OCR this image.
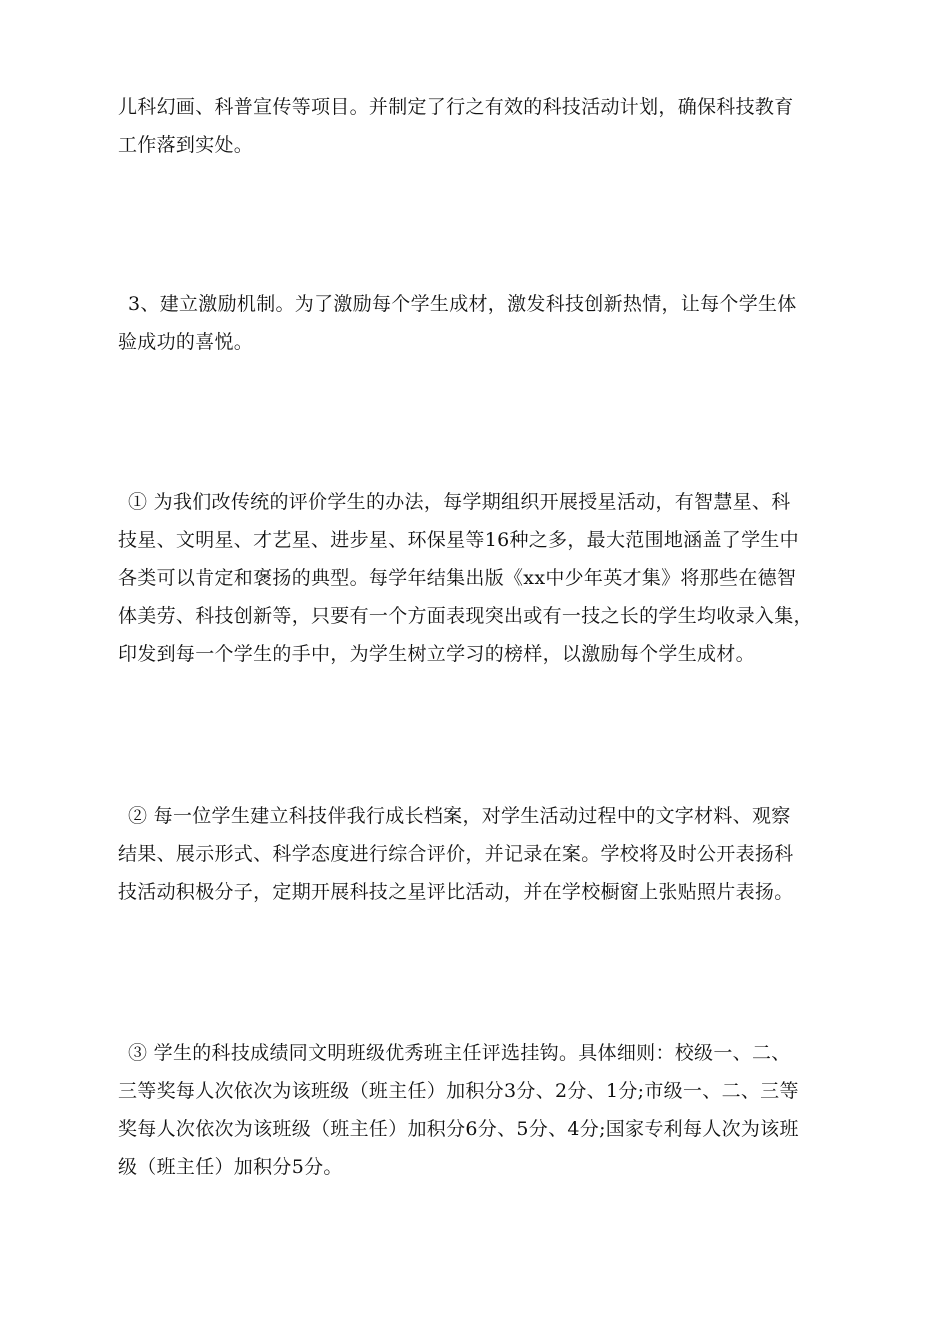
儿科幻画、科普宣传等项目。并制定了行之有效的科技活动计划，确保科技教育
工作落到实处。

3、建立激励机制。为了激励每个学生成材，激发科技创新热情，让每个学生体
验成功的喜悦。

① 为我们改传统的评价学生的办法，每学期组织开展授星活动，有智慧星、科
技星、文明星、才艺星、进步星、环保星等16种之多，最大范围地涵盖了学生中
各类可以肯定和褒扬的典型。每学年结集出版《xx中少年英才集》将那些在德智
体美劳、科技创新等，只要有一个方面表现突出或有一技之长的学生均收录入集，
印发到每一个学生的手中，为学生树立学习的榜样，以激励每个学生成材。

② 每一位学生建立科技伴我行成长档案，对学生活动过程中的文字材料、观察
结果、展示形式、科学态度进行综合评价，并记录在案。学校将及时公开表扬科
技活动积极分子，定期开展科技之星评比活动，并在学校橱窗上张贴照片表扬。

③ 学生的科技成绩同文明班级优秀班主任评选挂钩。具体细则：校级一、二、
三等奖每人次依次为该班级（班主任）加积分3分、2分、1分;市级一、二、三等
奖每人次依次为该班级（班主任）加积分6分、5分、4分;国家专利每人次为该班
级（班主任）加积分5分。
